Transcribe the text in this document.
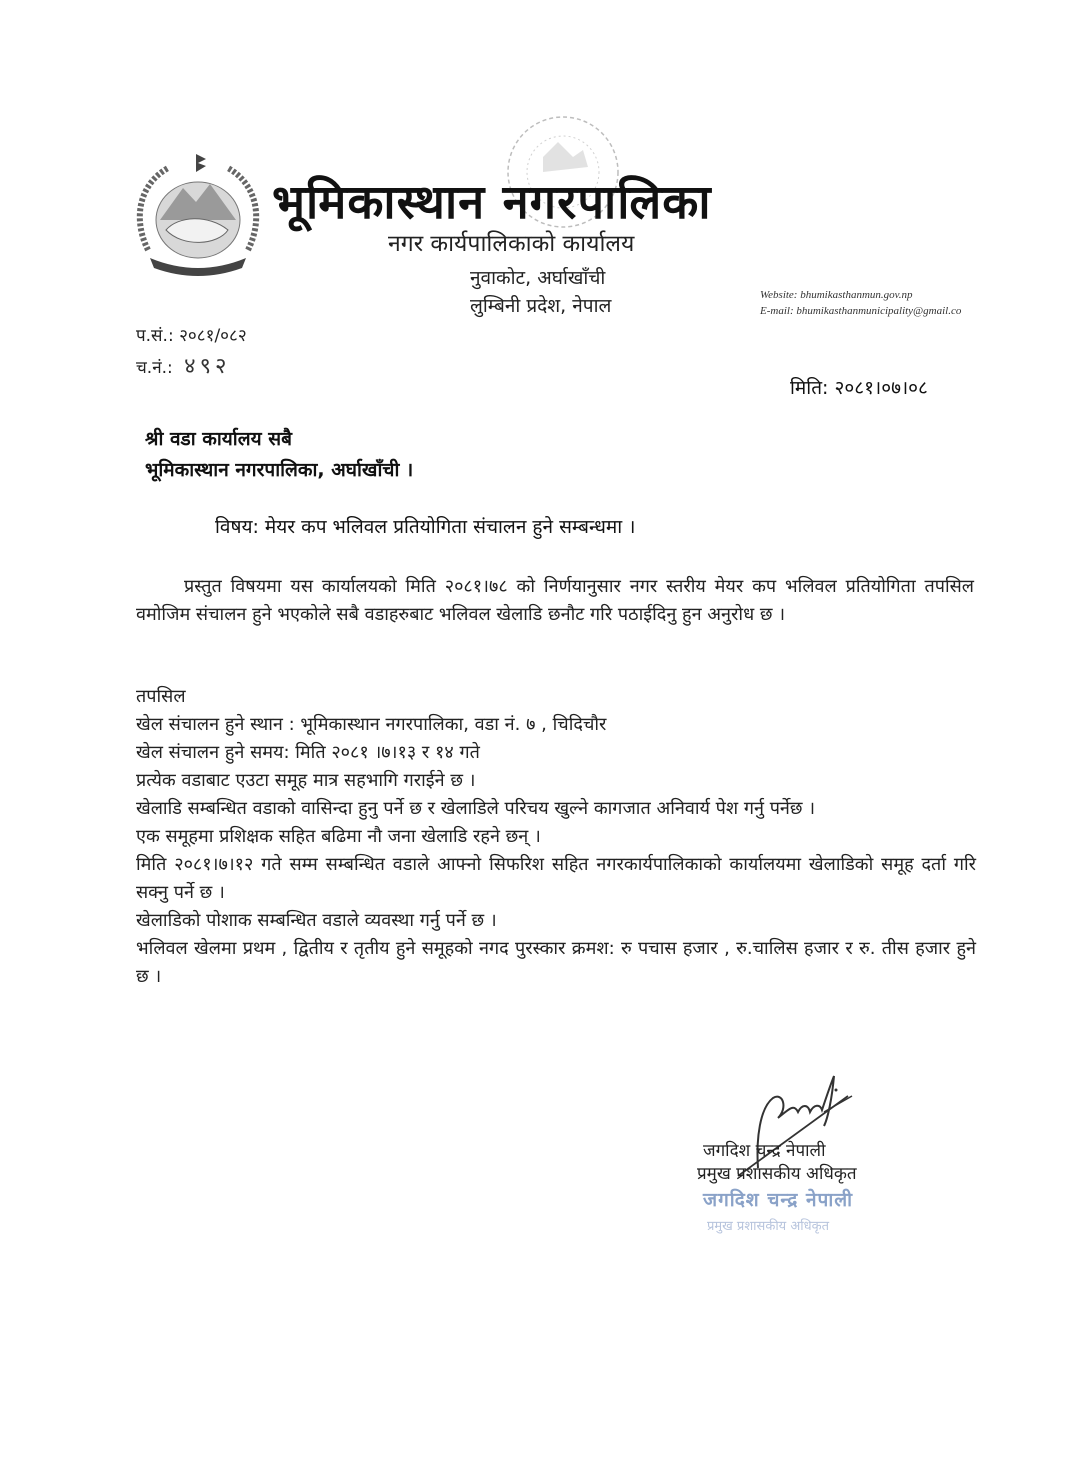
भूमिकास्थान नगरपालिका
नगर कार्यपालिकाको कार्यालय
नुवाकोट, अर्घाखाँची
लुम्बिनी प्रदेश, नेपाल	Website: bhumikasthanmun.gov.np
E-mail: bhumikasthanmunicipality@gmail.co
प.सं.: २०८१/०८२
च.नं.: ४९२
मिति: २०८१।०७।०८
श्री वडा कार्यालय सबै
भूमिकास्थान नगरपालिका, अर्घाखाँची ।
विषय: मेयर कप भलिवल प्रतियोगिता संचालन हुने सम्बन्धमा ।
प्रस्तुत विषयमा यस कार्यालयको मिति २०८१।७८ को निर्णयानुसार नगर स्तरीय मेयर कप भलिवल प्रतियोगिता तपसिल वमोजिम संचालन हुने भएकोले सबै वडाहरुबाट भलिवल खेलाडि छनौट गरि पठाईदिनु हुन अनुरोध छ ।
तपसिल
खेल संचालन हुने स्थान : भूमिकास्थान नगरपालिका, वडा नं. ७ , चिदिचौर
खेल संचालन हुने समय: मिति २०८१ ।७।१३ र १४ गते
प्रत्येक वडाबाट एउटा समूह मात्र सहभागि गराईने छ ।
खेलाडि सम्बन्धित वडाको वासिन्दा हुनु पर्ने छ र खेलाडिले परिचय खुल्ने कागजात अनिवार्य पेश गर्नु पर्नेछ ।
एक समूहमा प्रशिक्षक सहित बढिमा नौ जना खेलाडि रहने छन् ।
मिति २०८१।७।१२ गते सम्म सम्बन्धित वडाले आफ्नो सिफरिश सहित नगरकार्यपालिकाको कार्यालयमा खेलाडिको समूह दर्ता गरि सक्नु पर्ने छ ।
खेलाडिको पोशाक सम्बन्धित वडाले व्यवस्था गर्नु पर्ने छ ।
भलिवल खेलमा प्रथम , द्वितीय र तृतीय हुने समूहको नगद पुरस्कार क्रमश: रु पचास हजार , रु.चालिस हजार र रु. तीस हजार हुने छ ।
जगदिश चन्द्र नेपाली
प्रमुख प्रशासकीय अधिकृत
जगदिश चन्द्र नेपाली
प्रमुख प्रशासकीय अधिकृत
